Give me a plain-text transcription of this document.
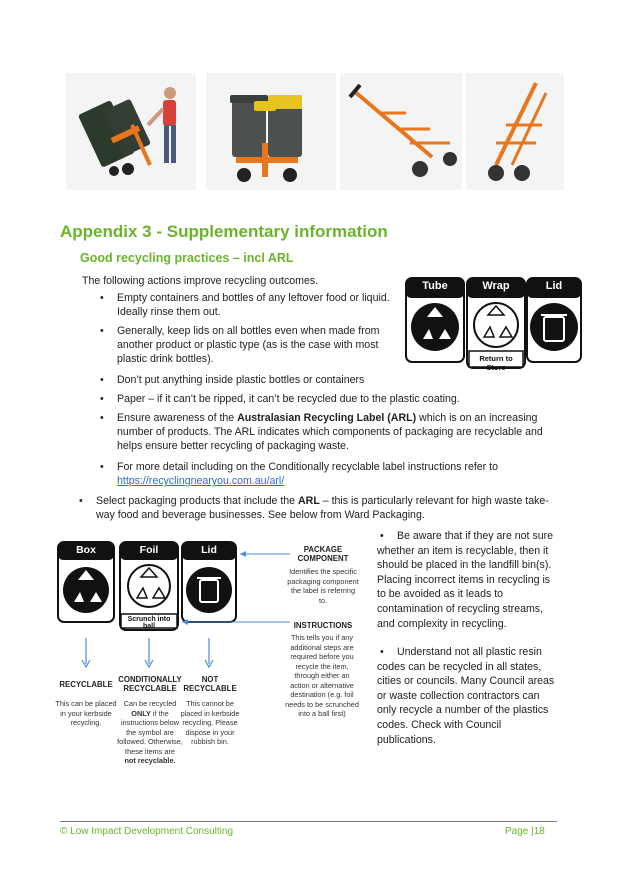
Appendix 3 - Supplementary information
Good recycling practices – incl ARL
The following actions improve recycling outcomes.
• Empty containers and bottles of any leftover food or liquid. Ideally rinse them out.
• Generally, keep lids on all bottles even when made from another product or plastic type (as is the case with most plastic drink bottles).
• Don’t put anything inside plastic bottles or containers
• Paper – if it can’t be ripped, it can’t be recycled due to the plastic coating.
• Ensure awareness of the Australasian Recycling Label (ARL) which is on an increasing number of products. The ARL indicates which components of packaging are recyclable and helps ensure better recycling of packaging waste.
• For more detail including on the Conditionally recyclable label instructions refer to
https://recyclingnearyou.com.au/arl/
• Select packaging products that include the ARL – this is particularly relevant for high waste take-way food and beverage businesses. See below from Ward Packaging.
Tube	Wrap	Lid
Return to Store
Box	Foil	Lid
Scrunch into ball
PACKAGE COMPONENT
Identifies the specific packaging component the label is referring to.
INSTRUCTIONS
This tells you if any additional steps are required before you recycle the item, through either an action or alternative destination (e.g. foil needs to be scrunched into a ball first)
RECYCLABLE
This can be placed in your kerbside recycling.
CONDITIONALLY RECYCLABLE
Can be recycled
ONLY if the instructions below the symbol are followed. Otherwise, these items are
not recyclable.
NOT RECYCLABLE
This cannot be placed in kerbside recycling. Please dispose in your rubbish bin.
• Be aware that if they are not sure whether an item is recyclable, then it should be placed in the landfill bin(s). Placing incorrect items in recycling is to be avoided as it leads to contamination of recycling streams, and complexity in recycling.
• Understand not all plastic resin codes can be recycled in all states, cities or councils. Many Council areas or waste collection contractors can only recycle a number of the plastics codes. Check with Council publications.
© Low Impact Development Consulting	Page |18
